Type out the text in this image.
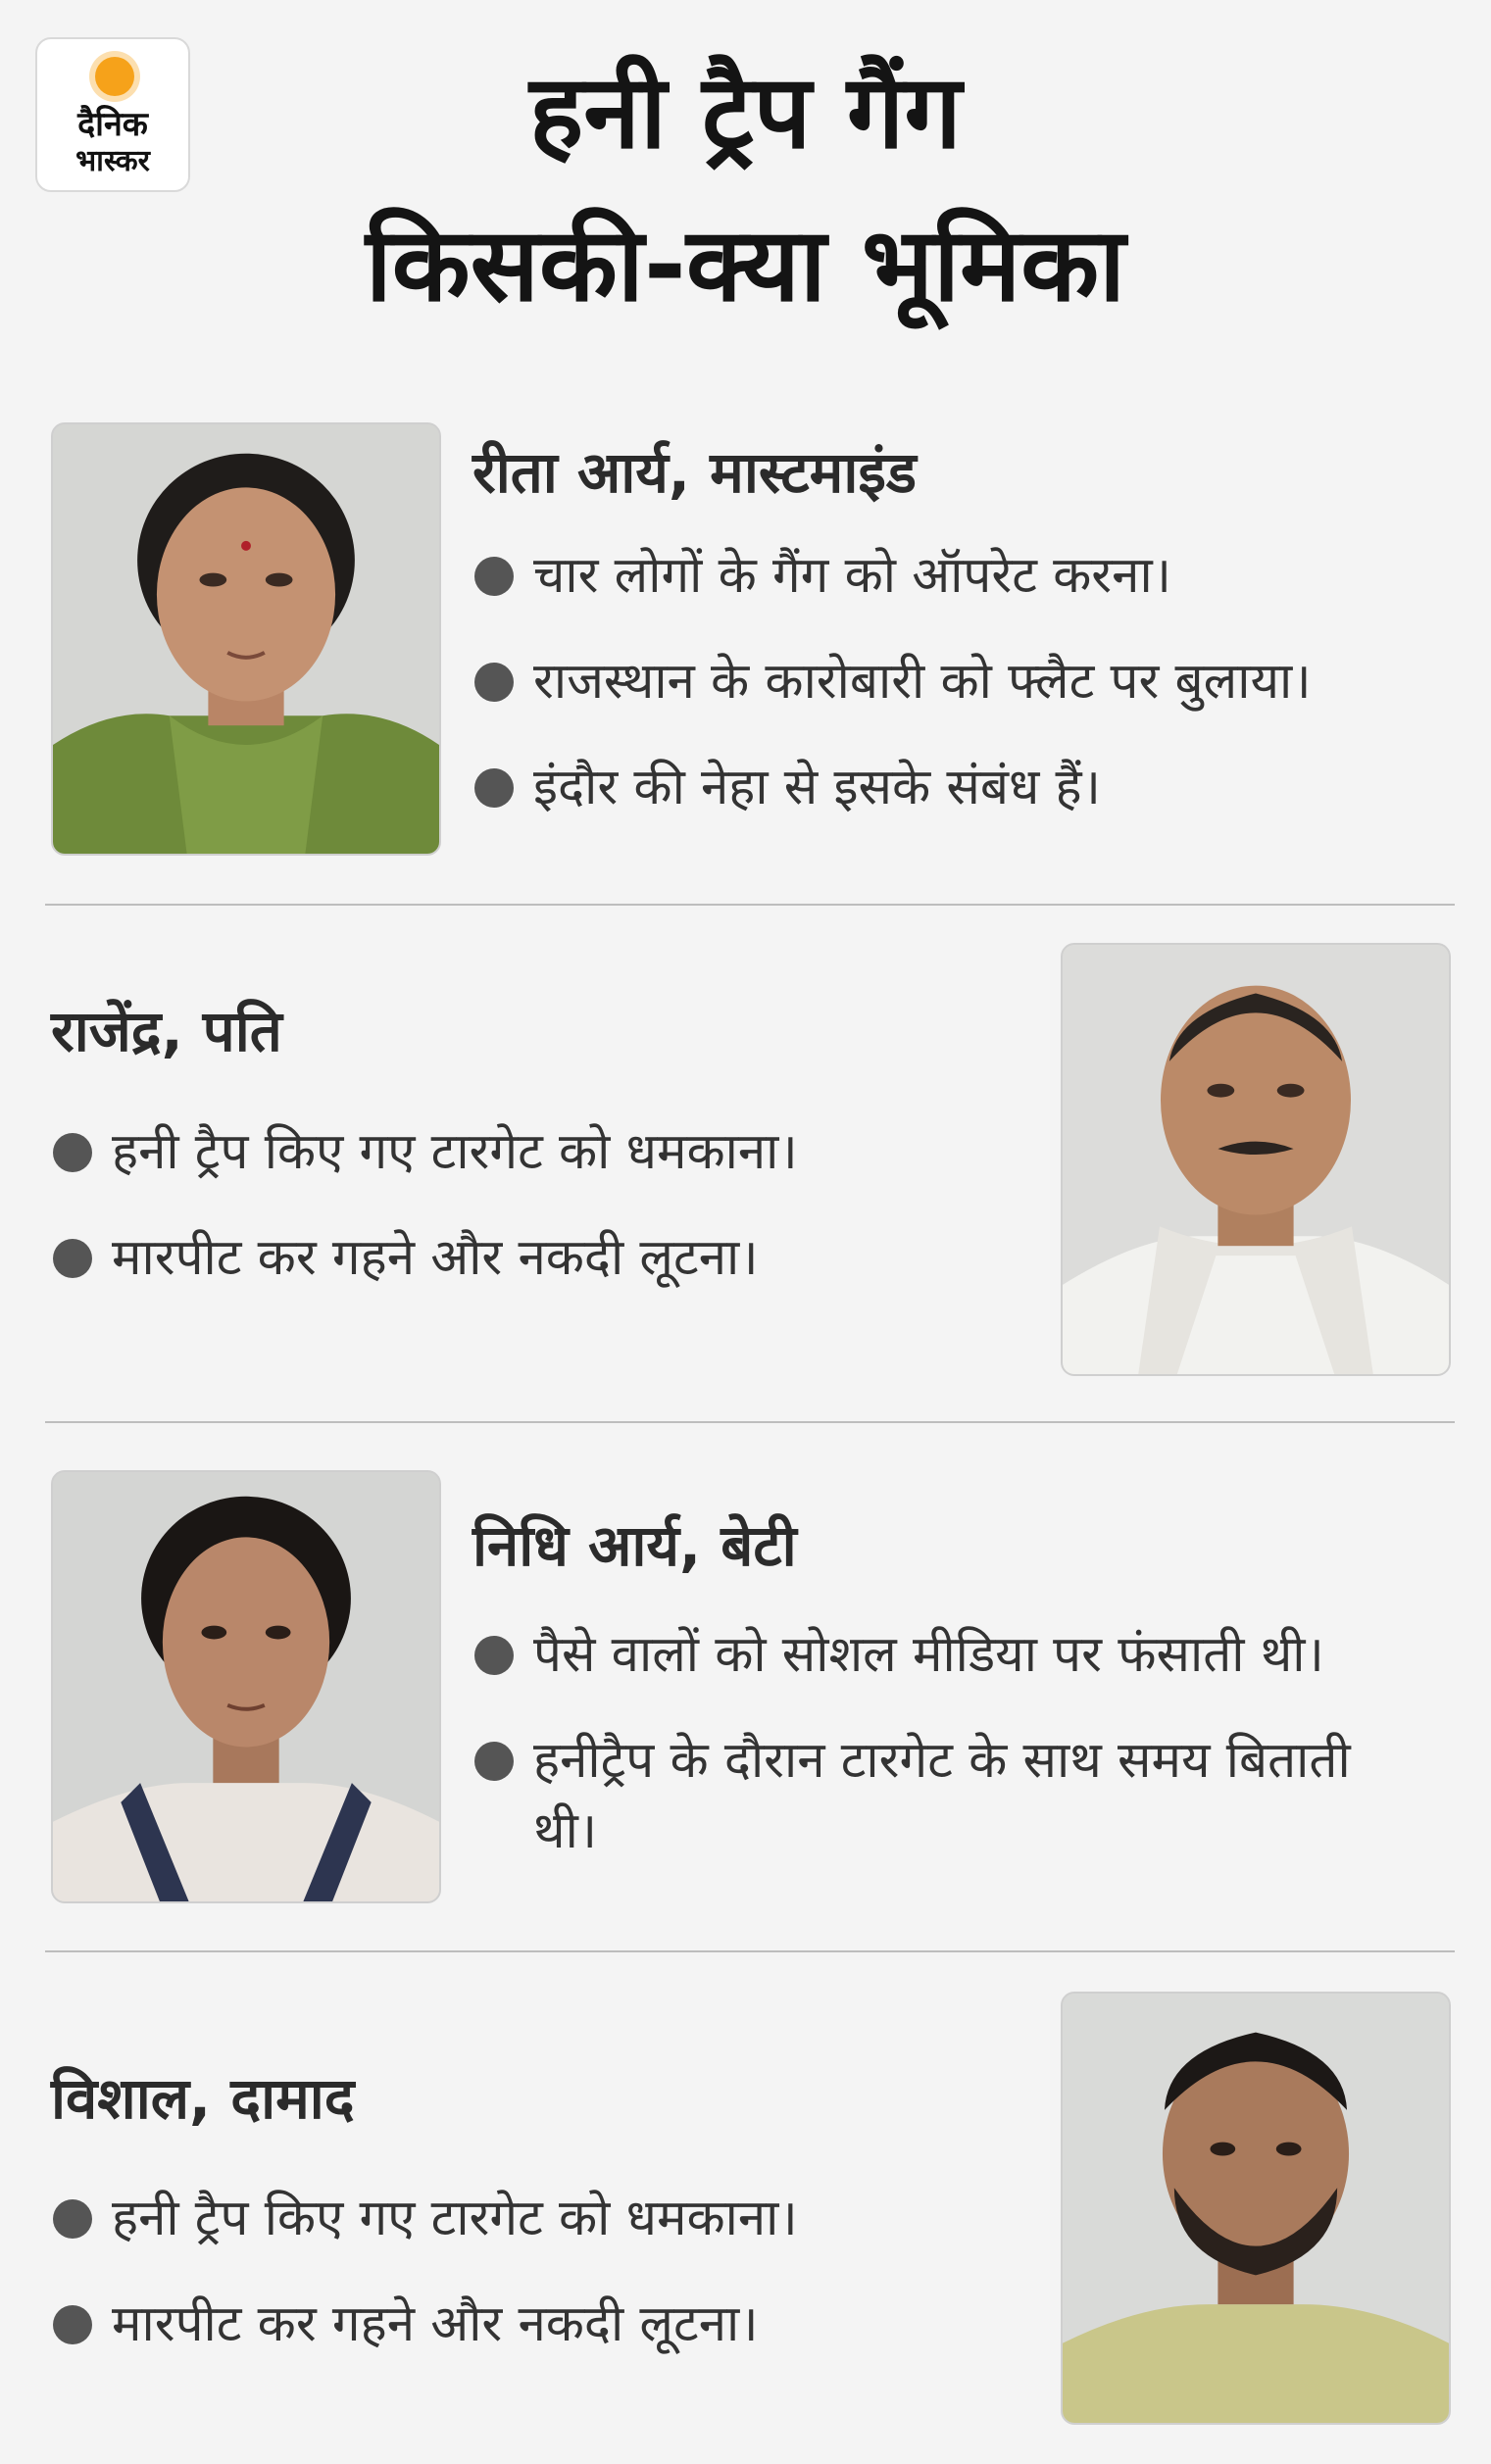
दैनिक
भास्कर	हनी ट्रैप गैंग
किसकी-क्या भूमिका
रीता आर्य, मास्टमाइंड
चार लोगों के गैंग को ऑपरेट करना।
राजस्थान के कारोबारी को फ्लैट पर बुलाया।
इंदौर की नेहा से इसके संबंध हैं।
राजेंद्र, पति
हनी ट्रैप किए गए टारगेट को धमकाना।
मारपीट कर गहने और नकदी लूटना।
निधि आर्य, बेटी
पैसे वालों को सोशल मीडिया पर फंसाती थी।
हनीट्रैप के दौरान टारगेट के साथ समय बिताती थी।
विशाल, दामाद
हनी ट्रैप किए गए टारगेट को धमकाना।
मारपीट कर गहने और नकदी लूटना।
